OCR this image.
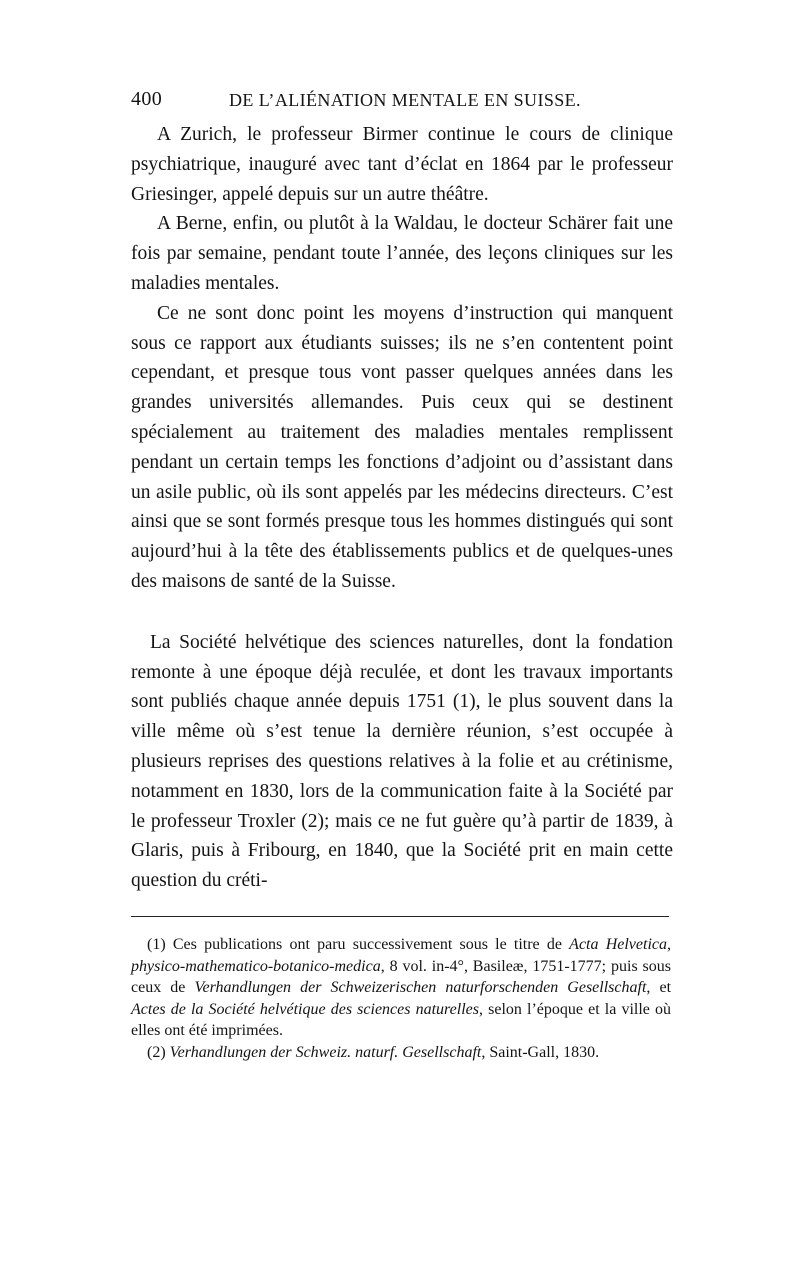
400	DE L’ALIÉNATION MENTALE EN SUISSE.

A Zurich, le professeur Birmer continue le cours de clinique psychiatrique, inauguré avec tant d’éclat en 1864 par le professeur Griesinger, appelé depuis sur un autre théâtre.

A Berne, enfin, ou plutôt à la Waldau, le docteur Schärer fait une fois par semaine, pendant toute l’année, des leçons cliniques sur les maladies mentales.

Ce ne sont donc point les moyens d’instruction qui manquent sous ce rapport aux étudiants suisses; ils ne s’en contentent point cependant, et presque tous vont passer quelques années dans les grandes universités allemandes. Puis ceux qui se destinent spécialement au traitement des maladies mentales remplissent pendant un certain temps les fonctions d’adjoint ou d’assistant dans un asile public, où ils sont appelés par les médecins directeurs. C’est ainsi que se sont formés presque tous les hommes distingués qui sont aujourd’hui à la tête des établissements publics et de quelques-unes des maisons de santé de la Suisse.

La Société helvétique des sciences naturelles, dont la fondation remonte à une époque déjà reculée, et dont les travaux importants sont publiés chaque année depuis 1751 (1), le plus souvent dans la ville même où s’est tenue la dernière réunion, s’est occupée à plusieurs reprises des questions relatives à la folie et au crétinisme, notamment en 1830, lors de la communication faite à la Société par le professeur Troxler (2); mais ce ne fut guère qu’à partir de 1839, à Glaris, puis à Fribourg, en 1840, que la Société prit en main cette question du créti-

(1) Ces publications ont paru successivement sous le titre de Acta Helvetica, physico-mathematico-botanico-medica, 8 vol. in-4°, Basileæ, 1751-1777; puis sous ceux de Verhandlungen der Schweizerischen naturforschenden Gesellschaft, et Actes de la Société helvétique des sciences naturelles, selon l’époque et la ville où elles ont été imprimées.

(2) Verhandlungen der Schweiz. naturf. Gesellschaft, Saint-Gall, 1830.
